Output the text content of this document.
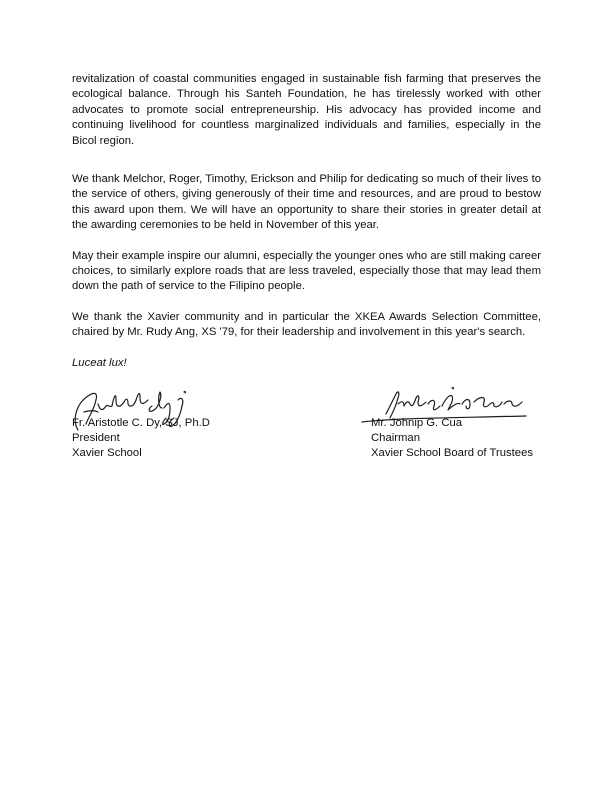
revitalization of coastal communities engaged in sustainable fish farming that preserves the ecological balance. Through his Santeh Foundation, he has tirelessly worked with other advocates to promote social entrepreneurship. His advocacy has provided income and continuing livelihood for countless marginalized individuals and families, especially in the Bicol region.

We thank Melchor, Roger, Timothy, Erickson and Philip for dedicating so much of their lives to the service of others, giving generously of their time and resources, and are proud to bestow this award upon them. We will have an opportunity to share their stories in greater detail at the awarding ceremonies to be held in November of this year.

May their example inspire our alumni, especially the younger ones who are still making career choices, to similarly explore roads that are less traveled, especially those that may lead them down the path of service to the Filipino people.

We thank the Xavier community and in particular the XKEA Awards Selection Committee, chaired by Mr. Rudy Ang, XS '79, for their leadership and involvement in this year's search.

Luceat lux!

Fr. Aristotle C. Dy, SJ, Ph.D
President
Xavier School
Mr. Johnip G. Cua
Chairman
Xavier School Board of Trustees
